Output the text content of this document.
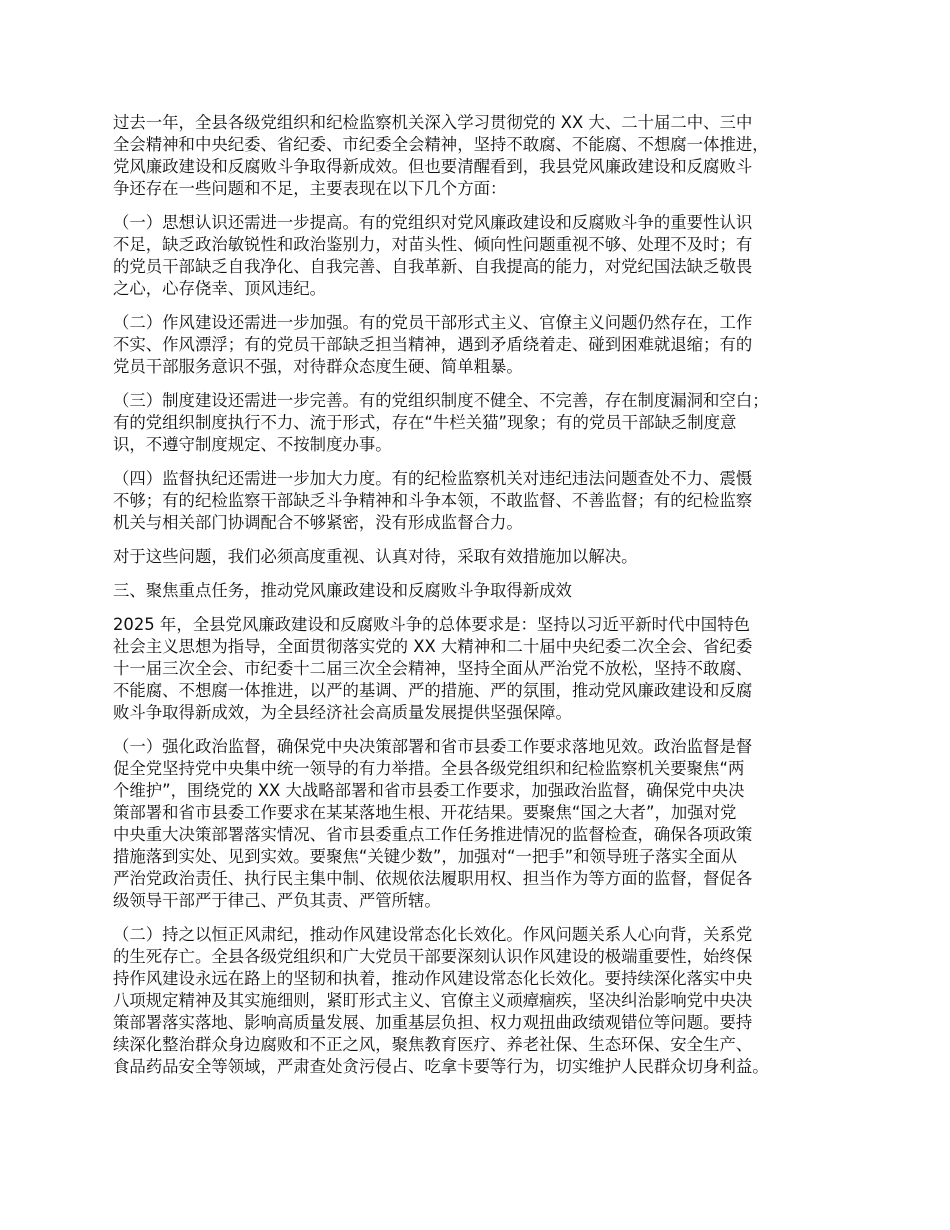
过去一年，全县各级党组织和纪检监察机关深入学习贯彻党的 XX 大、二十届二中、三中
全会精神和中央纪委、省纪委、市纪委全会精神，坚持不敢腐、不能腐、不想腐一体推进，
党风廉政建设和反腐败斗争取得新成效。但也要清醒看到，我县党风廉政建设和反腐败斗
争还存在一些问题和不足，主要表现在以下几个方面：

（一）思想认识还需进一步提高。有的党组织对党风廉政建设和反腐败斗争的重要性认识
不足，缺乏政治敏锐性和政治鉴别力，对苗头性、倾向性问题重视不够、处理不及时；有
的党员干部缺乏自我净化、自我完善、自我革新、自我提高的能力，对党纪国法缺乏敬畏
之心，心存侥幸、顶风违纪。

（二）作风建设还需进一步加强。有的党员干部形式主义、官僚主义问题仍然存在，工作
不实、作风漂浮；有的党员干部缺乏担当精神，遇到矛盾绕着走、碰到困难就退缩；有的
党员干部服务意识不强，对待群众态度生硬、简单粗暴。

（三）制度建设还需进一步完善。有的党组织制度不健全、不完善，存在制度漏洞和空白；
有的党组织制度执行不力、流于形式，存在“牛栏关猫”现象；有的党员干部缺乏制度意
识，不遵守制度规定、不按制度办事。

（四）监督执纪还需进一步加大力度。有的纪检监察机关对违纪违法问题查处不力、震慑
不够；有的纪检监察干部缺乏斗争精神和斗争本领，不敢监督、不善监督；有的纪检监察
机关与相关部门协调配合不够紧密，没有形成监督合力。

对于这些问题，我们必须高度重视、认真对待，采取有效措施加以解决。

三、聚焦重点任务，推动党风廉政建设和反腐败斗争取得新成效

2025 年，全县党风廉政建设和反腐败斗争的总体要求是：坚持以习近平新时代中国特色
社会主义思想为指导，全面贯彻落实党的 XX 大精神和二十届中央纪委二次全会、省纪委
十一届三次全会、市纪委十二届三次全会精神，坚持全面从严治党不放松，坚持不敢腐、
不能腐、不想腐一体推进，以严的基调、严的措施、严的氛围，推动党风廉政建设和反腐
败斗争取得新成效，为全县经济社会高质量发展提供坚强保障。

（一）强化政治监督，确保党中央决策部署和省市县委工作要求落地见效。政治监督是督
促全党坚持党中央集中统一领导的有力举措。全县各级党组织和纪检监察机关要聚焦“两
个维护”，围绕党的 XX 大战略部署和省市县委工作要求，加强政治监督，确保党中央决
策部署和省市县委工作要求在某某落地生根、开花结果。要聚焦“国之大者”，加强对党
中央重大决策部署落实情况、省市县委重点工作任务推进情况的监督检查，确保各项政策
措施落到实处、见到实效。要聚焦“关键少数”，加强对“一把手”和领导班子落实全面从
严治党政治责任、执行民主集中制、依规依法履职用权、担当作为等方面的监督，督促各
级领导干部严于律己、严负其责、严管所辖。

（二）持之以恒正风肃纪，推动作风建设常态化长效化。作风问题关系人心向背，关系党
的生死存亡。全县各级党组织和广大党员干部要深刻认识作风建设的极端重要性，始终保
持作风建设永远在路上的坚韧和执着，推动作风建设常态化长效化。要持续深化落实中央
八项规定精神及其实施细则，紧盯形式主义、官僚主义顽瘴痼疾，坚决纠治影响党中央决
策部署落实落地、影响高质量发展、加重基层负担、权力观扭曲政绩观错位等问题。要持
续深化整治群众身边腐败和不正之风，聚焦教育医疗、养老社保、生态环保、安全生产、
食品药品安全等领域，严肃查处贪污侵占、吃拿卡要等行为，切实维护人民群众切身利益。
